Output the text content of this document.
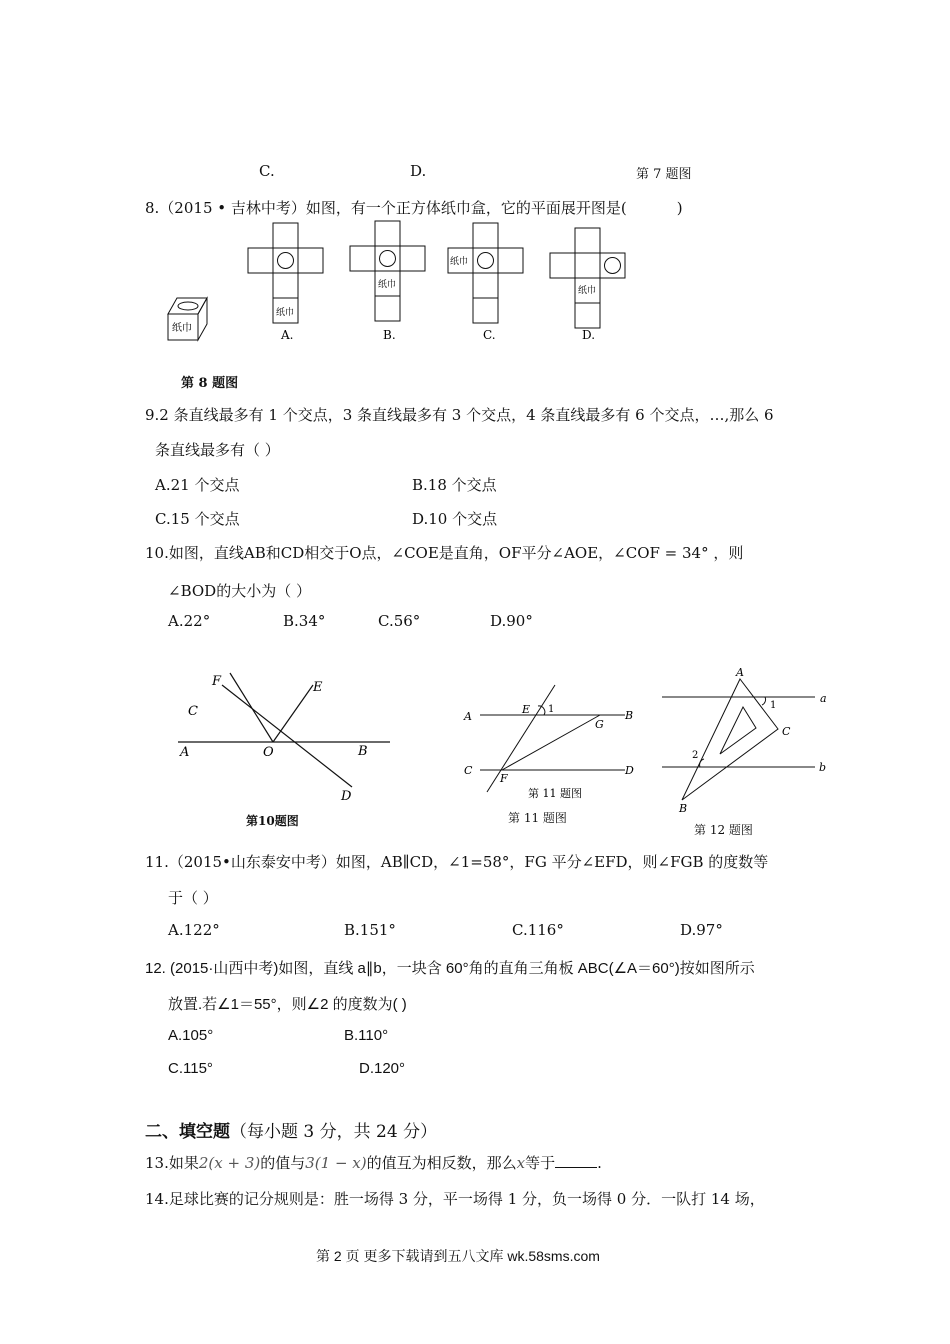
C.	D.	第 7 题图
8.（2015 • 吉林中考）如图，有一个正方体纸巾盒，它的平面展开图是(	)
纸巾
纸巾
A.
纸巾
B.
纸巾
C.
纸巾
D.
第 8 题图
9.2 条直线最多有 1 个交点，3 条直线最多有 3 个交点，4 条直线最多有 6 个交点，…,那么 6
条直线最多有（ ）
A.21 个交点	B.18 个交点
C.15 个交点	D.10 个交点
10.如图，直线AB和CD相交于O点，∠COE是直角，OF平分∠AOE，∠COF = 34° ，则
∠BOD的大小为（ ）
A.22°	B.34°	C.56°	D.90°
F	E
C
A	O	B
D
第10题图
A	B
C	D
E
F
G
1
第 11 题图
第 11 题图
A
B
C
a
b
1
2
第 12 题图
11.（2015•山东泰安中考）如图，AB∥CD，∠1=58°，FG 平分∠EFD，则∠FGB 的度数等
于（ ）
A.122°	B.151°	C.116°	D.97°
12. (2015·山西中考)如图，直线 a∥b，一块含 60°角的直角三角板 ABC(∠A＝60°)按如图所示
放置.若∠1＝55°，则∠2 的度数为( )
A.105°	B.110°
C.115°	D.120°
二、填空题（每小题 3 分，共 24 分）
13.如果2(x + 3)的值与3(1 − x)的值互为相反数，那么x等于	.
14.足球比赛的记分规则是：胜一场得 3 分，平一场得 1 分，负一场得 0 分．一队打 14 场，
第 2 页 更多下载请到五八文库 wk.58sms.com
